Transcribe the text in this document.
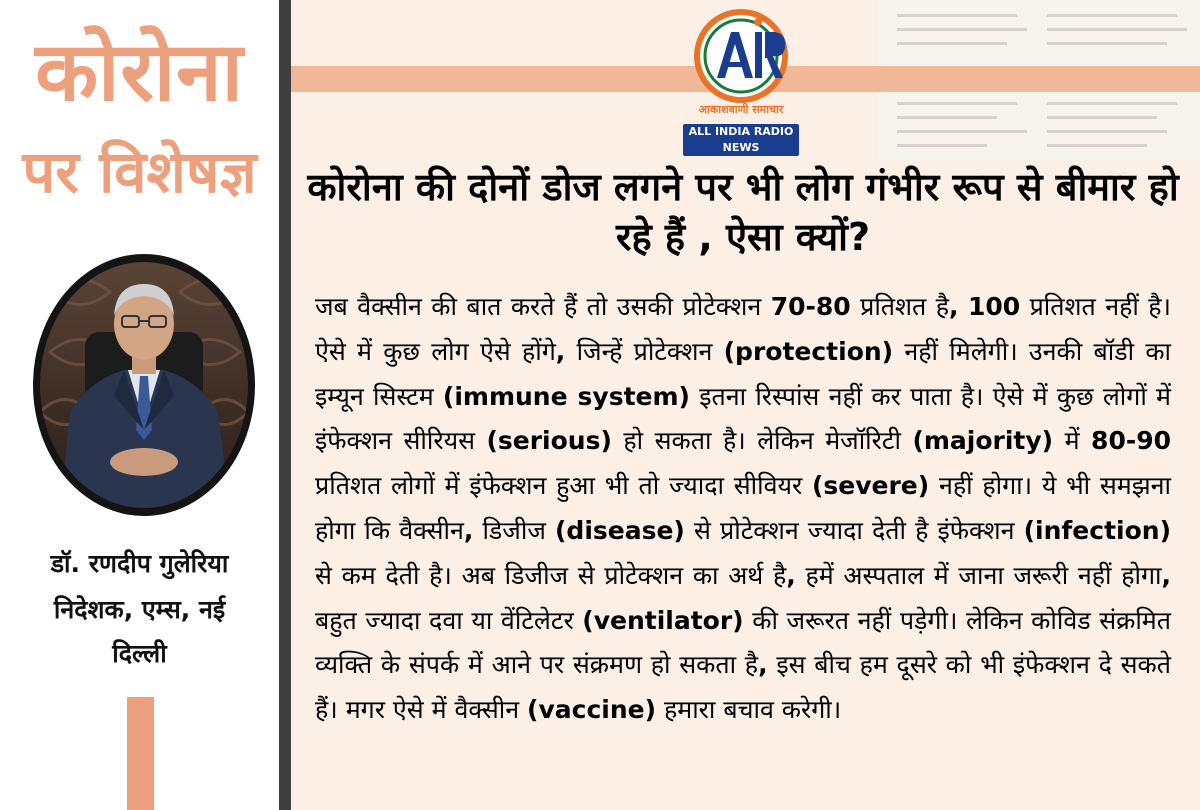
कोरोना
पर विशेषज्ञ
डॉ. रणदीप गुलेरिया
निदेशक, एम्स, नई
दिल्ली
आकाशवाणी समाचार
ALL INDIA RADIO NEWS
कोरोना की दोनों डोज लगने पर भी लोग गंभीर रूप से बीमार हो रहे हैं , ऐसा क्यों?

जब वैक्सीन की बात करते हैं तो उसकी प्रोटेक्शन 70-80 प्रतिशत है, 100 प्रतिशत नहीं है। ऐसे में कुछ लोग ऐसे होंगे, जिन्हें प्रोटेक्शन (protection) नहीं मिलेगी। उनकी बॉडी का इम्यून सिस्टम (immune system) इतना रिस्पांस नहीं कर पाता है। ऐसे में कुछ लोगों में इंफेक्शन सीरियस (serious) हो सकता है। लेकिन मेजॉरिटी (majority) में 80-90 प्रतिशत लोगों में इंफेक्शन हुआ भी तो ज्यादा सीवियर (severe) नहीं होगा। ये भी समझना होगा कि वैक्सीन, डिजीज (disease) से प्रोटेक्शन ज्यादा देती है इंफेक्शन (infection) से कम देती है। अब डिजीज से प्रोटेक्शन का अर्थ है, हमें अस्पताल में जाना जरूरी नहीं होगा, बहुत ज्यादा दवा या वेंटिलेटर (ventilator) की जरूरत नहीं पड़ेगी। लेकिन कोविड संक्रमित व्यक्ति के संपर्क में आने पर संक्रमण हो सकता है, इस बीच हम दूसरे को भी इंफेक्शन दे सकते हैं। मगर ऐसे में वैक्सीन (vaccine) हमारा बचाव करेगी।
